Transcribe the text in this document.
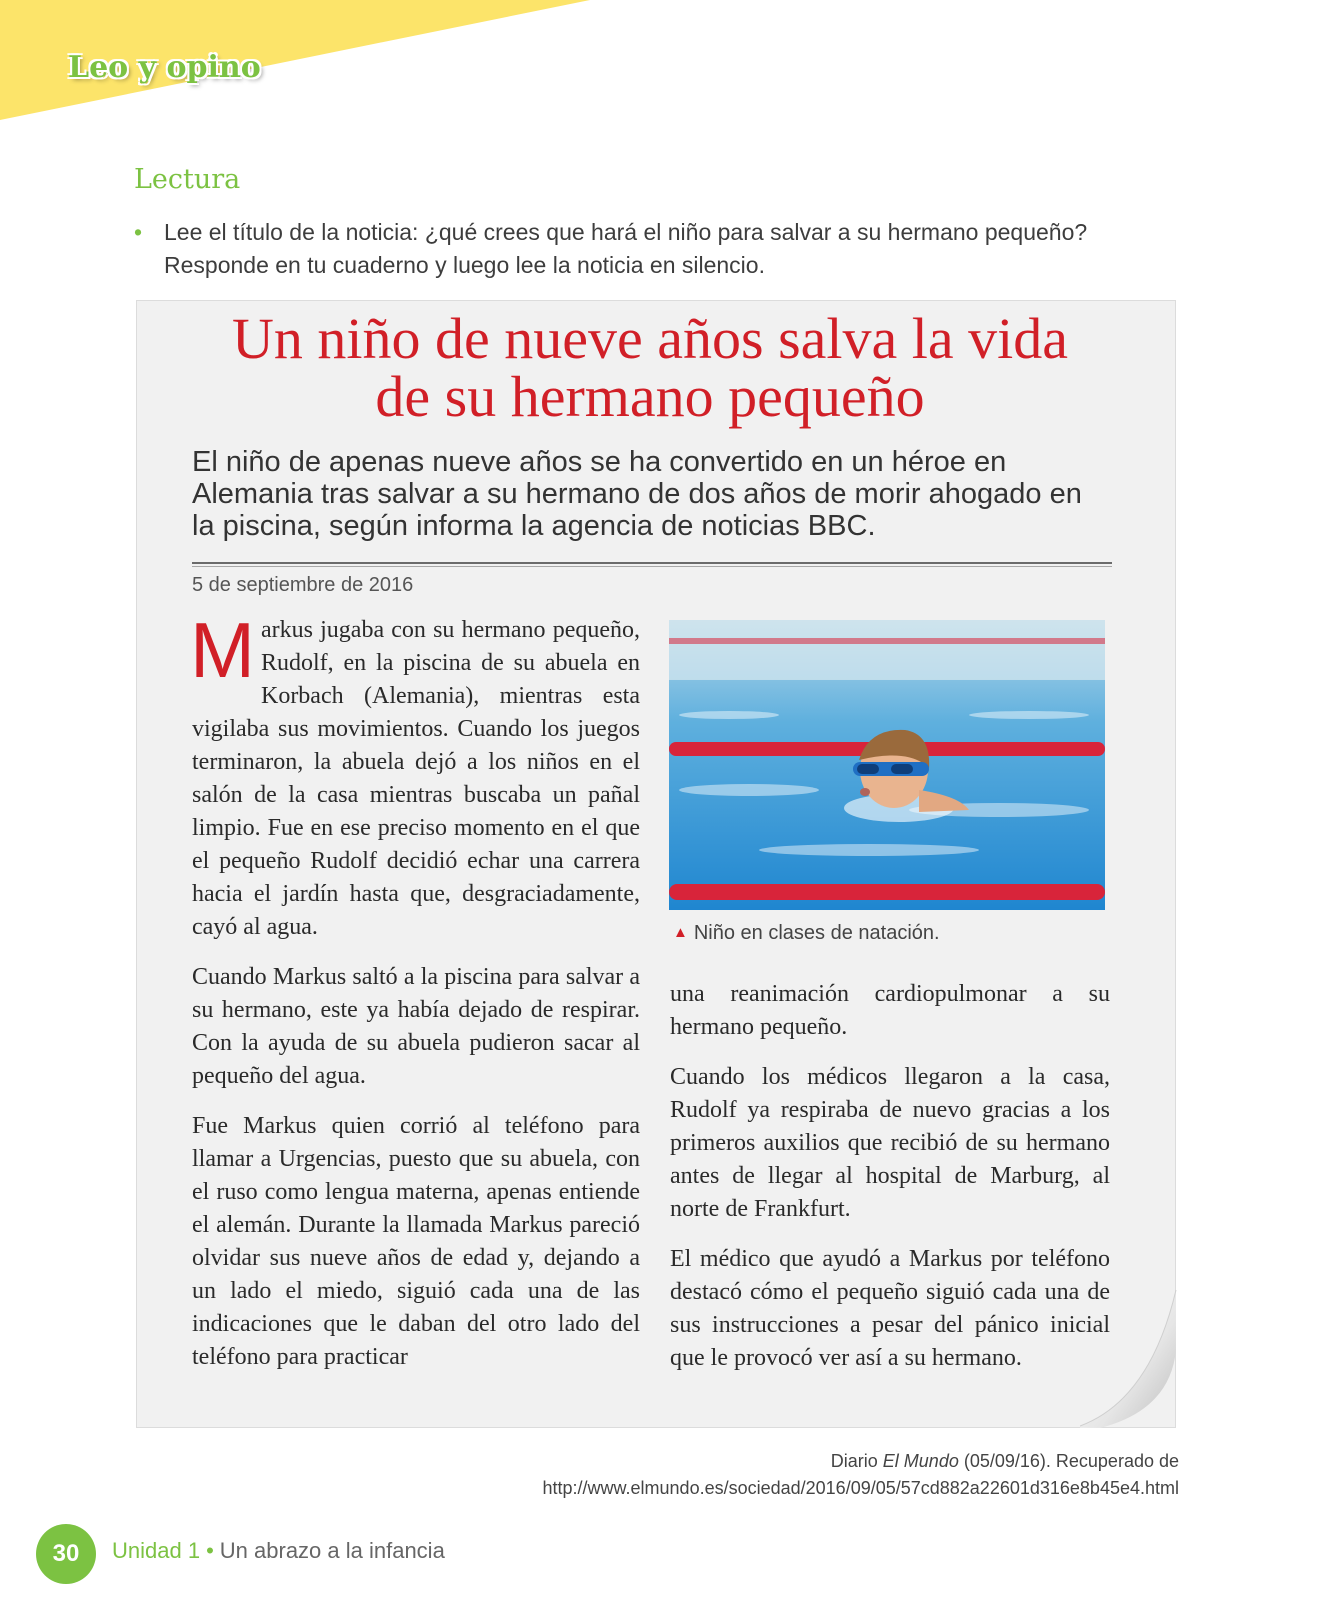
Leo y opino
Lectura
• Lee el título de la noticia: ¿qué crees que hará el niño para salvar a su hermano pequeño? Responde en tu cuaderno y luego lee la noticia en silencio.
Un niño de nueve años salva la vida
de su hermano pequeño
El niño de apenas nueve años se ha convertido en un héroe en Alemania tras salvar a su hermano de dos años de morir ahogado en la piscina, según informa la agencia de noticias BBC.
5 de septiembre de 2016

Markus jugaba con su hermano pequeño, Rudolf, en la piscina de su abuela en Korbach (Alemania), mientras esta vigilaba sus movimientos. Cuando los juegos terminaron, la abuela dejó a los niños en el salón de la casa mientras buscaba un pañal limpio. Fue en ese preciso momento en el que el pequeño Rudolf decidió echar una carrera hacia el jardín hasta que, desgraciadamente, cayó al agua.

Cuando Markus saltó a la piscina para salvar a su hermano, este ya había dejado de respirar. Con la ayuda de su abuela pudieron sacar al pequeño del agua.

Fue Markus quien corrió al teléfono para llamar a Urgencias, puesto que su abuela, con el ruso como lengua materna, apenas entiende el alemán. Durante la llamada Markus pareció olvidar sus nueve años de edad y, dejando a un lado el miedo, siguió cada una de las indicaciones que le daban del otro lado del teléfono para practicar

▲ Niño en clases de natación.

una reanimación cardiopulmonar a su hermano pequeño.

Cuando los médicos llegaron a la casa, Rudolf ya respiraba de nuevo gracias a los primeros auxilios que recibió de su hermano antes de llegar al hospital de Marburg, al norte de Frankfurt.

El médico que ayudó a Markus por teléfono destacó cómo el pequeño siguió cada una de sus instrucciones a pesar del pánico inicial que le provocó ver así a su hermano.

Diario El Mundo (05/09/16). Recuperado de
http://www.elmundo.es/sociedad/2016/09/05/57cd882a22601d316e8b45e4.html
30	Unidad 1 • Un abrazo a la infancia
